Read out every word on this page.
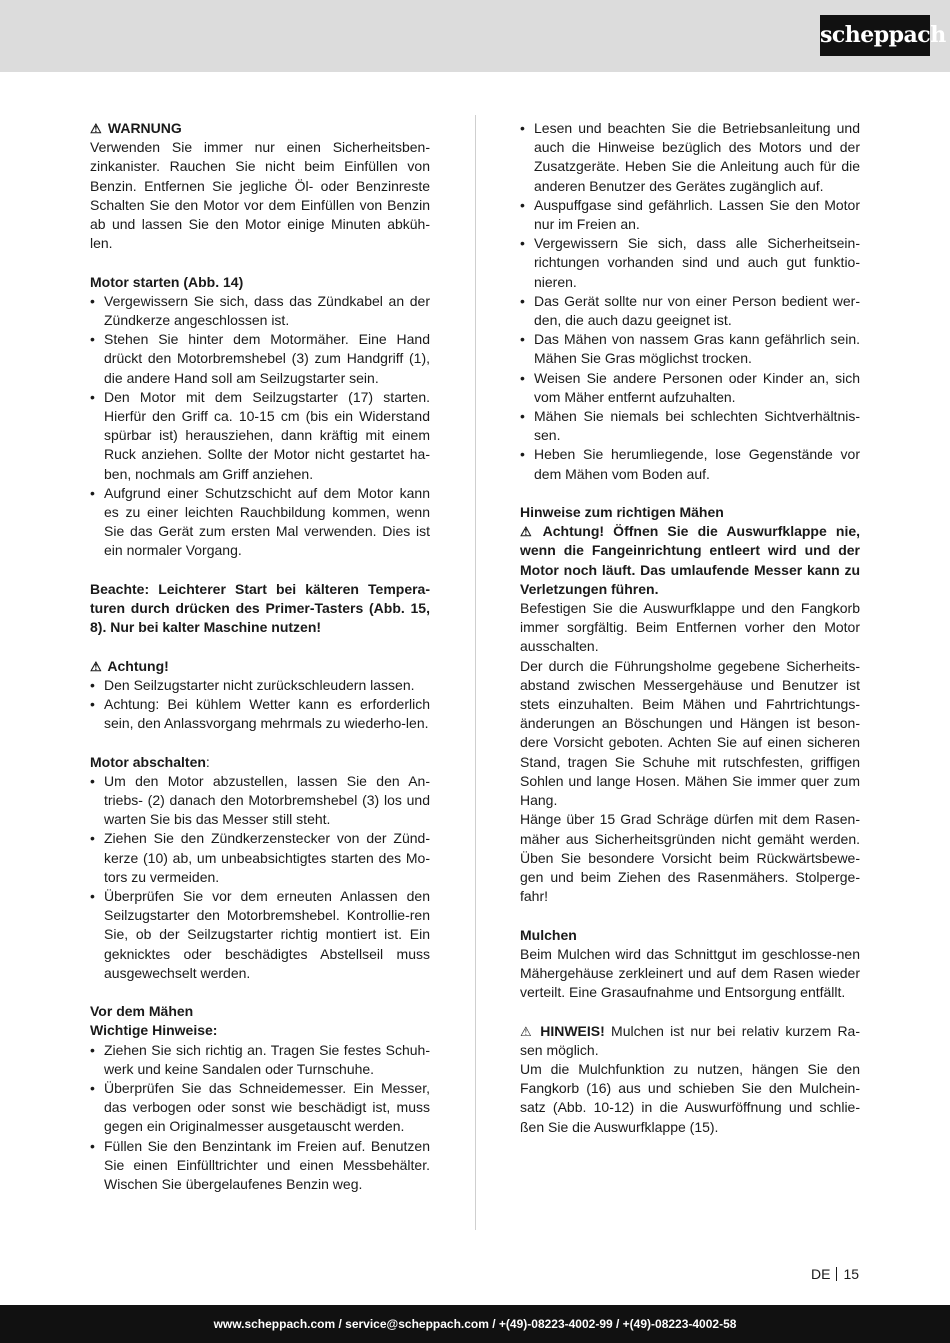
scheppach

⚠ WARNUNG

Verwenden Sie immer nur einen Sicherheitsben-zinkanister. Rauchen Sie nicht beim Einfüllen von Benzin. Entfernen Sie jegliche Öl- oder Benzinreste Schalten Sie den Motor vor dem Einfüllen von Benzin ab und lassen Sie den Motor einige Minuten abküh-len.

Motor starten (Abb. 14)

• Vergewissern Sie sich, dass das Zündkabel an der Zündkerze angeschlossen ist.
• Stehen Sie hinter dem Motormäher. Eine Hand drückt den Motorbremshebel (3) zum Handgriff (1), die andere Hand soll am Seilzugstarter sein.
• Den Motor mit dem Seilzugstarter (17) starten. Hierfür den Griff ca. 10-15 cm (bis ein Widerstand spürbar ist) herausziehen, dann kräftig mit einem Ruck anziehen. Sollte der Motor nicht gestartet ha-ben, nochmals am Griff anziehen.
• Aufgrund einer Schutzschicht auf dem Motor kann es zu einer leichten Rauchbildung kommen, wenn Sie das Gerät zum ersten Mal verwenden. Dies ist ein normaler Vorgang.

Beachte: Leichterer Start bei kälteren Tempera-turen durch drücken des Primer-Tasters (Abb. 15, 8). Nur bei kalter Maschine nutzen!

⚠ Achtung!

• Den Seilzugstarter nicht zurückschleudern lassen.
• Achtung: Bei kühlem Wetter kann es erforderlich sein, den Anlassvorgang mehrmals zu wiederho-len.

Motor abschalten:

• Um den Motor abzustellen, lassen Sie den An-triebs- (2) danach den Motorbremshebel (3) los und warten Sie bis das Messer still steht.
• Ziehen Sie den Zündkerzenstecker von der Zünd-kerze (10) ab, um unbeabsichtigtes starten des Mo-tors zu vermeiden.
• Überprüfen Sie vor dem erneuten Anlassen den Seilzugstarter den Motorbremshebel. Kontrollie-ren Sie, ob der Seilzugstarter richtig montiert ist. Ein geknicktes oder beschädigtes Abstellseil muss ausgewechselt werden.

Vor dem Mähen

Wichtige Hinweise:

• Ziehen Sie sich richtig an. Tragen Sie festes Schuh-werk und keine Sandalen oder Turnschuhe.
• Überprüfen Sie das Schneidemesser. Ein Messer, das verbogen oder sonst wie beschädigt ist, muss gegen ein Originalmesser ausgetauscht werden.
• Füllen Sie den Benzintank im Freien auf. Benutzen Sie einen Einfülltrichter und einen Messbehälter. Wischen Sie übergelaufenes Benzin weg.
• Lesen und beachten Sie die Betriebsanleitung und auch die Hinweise bezüglich des Motors und der Zusatzgeräte. Heben Sie die Anleitung auch für die anderen Benutzer des Gerätes zugänglich auf.
• Auspuffgase sind gefährlich. Lassen Sie den Motor nur im Freien an.
• Vergewissern Sie sich, dass alle Sicherheitsein-richtungen vorhanden sind und auch gut funktio-nieren.
• Das Gerät sollte nur von einer Person bedient wer-den, die auch dazu geeignet ist.
• Das Mähen von nassem Gras kann gefährlich sein. Mähen Sie Gras möglichst trocken.
• Weisen Sie andere Personen oder Kinder an, sich vom Mäher entfernt aufzuhalten.
• Mähen Sie niemals bei schlechten Sichtverhältnis-sen.
• Heben Sie herumliegende, lose Gegenstände vor dem Mähen vom Boden auf.

Hinweise zum richtigen Mähen

⚠ Achtung! Öffnen Sie die Auswurfklappe nie, wenn die Fangeinrichtung entleert wird und der Motor noch läuft. Das umlaufende Messer kann zu Verletzungen führen.

Befestigen Sie die Auswurfklappe und den Fangkorb immer sorgfältig. Beim Entfernen vorher den Motor ausschalten.

Der durch die Führungsholme gegebene Sicherheits-abstand zwischen Messergehäuse und Benutzer ist stets einzuhalten. Beim Mähen und Fahrtrichtungs-änderungen an Böschungen und Hängen ist beson-dere Vorsicht geboten. Achten Sie auf einen sicheren Stand, tragen Sie Schuhe mit rutschfesten, griffigen Sohlen und lange Hosen. Mähen Sie immer quer zum Hang.

Hänge über 15 Grad Schräge dürfen mit dem Rasen-mäher aus Sicherheitsgründen nicht gemäht werden. Üben Sie besondere Vorsicht beim Rückwärtsbewe-gen und beim Ziehen des Rasenmähers. Stolperge-fahr!

Mulchen

Beim Mulchen wird das Schnittgut im geschlosse-nen Mähergehäuse zerkleinert und auf dem Rasen wieder verteilt. Eine Grasaufnahme und Entsorgung entfällt.

⚠ HINWEIS! Mulchen ist nur bei relativ kurzem Ra-sen möglich.

Um die Mulchfunktion zu nutzen, hängen Sie den Fangkorb (16) aus und schieben Sie den Mulchein-satz (Abb. 10-12) in die Auswurföffnung und schlie-ßen Sie die Auswurfklappe (15).

DE 15
www.scheppach.com / service@scheppach.com / +(49)-08223-4002-99 / +(49)-08223-4002-58
